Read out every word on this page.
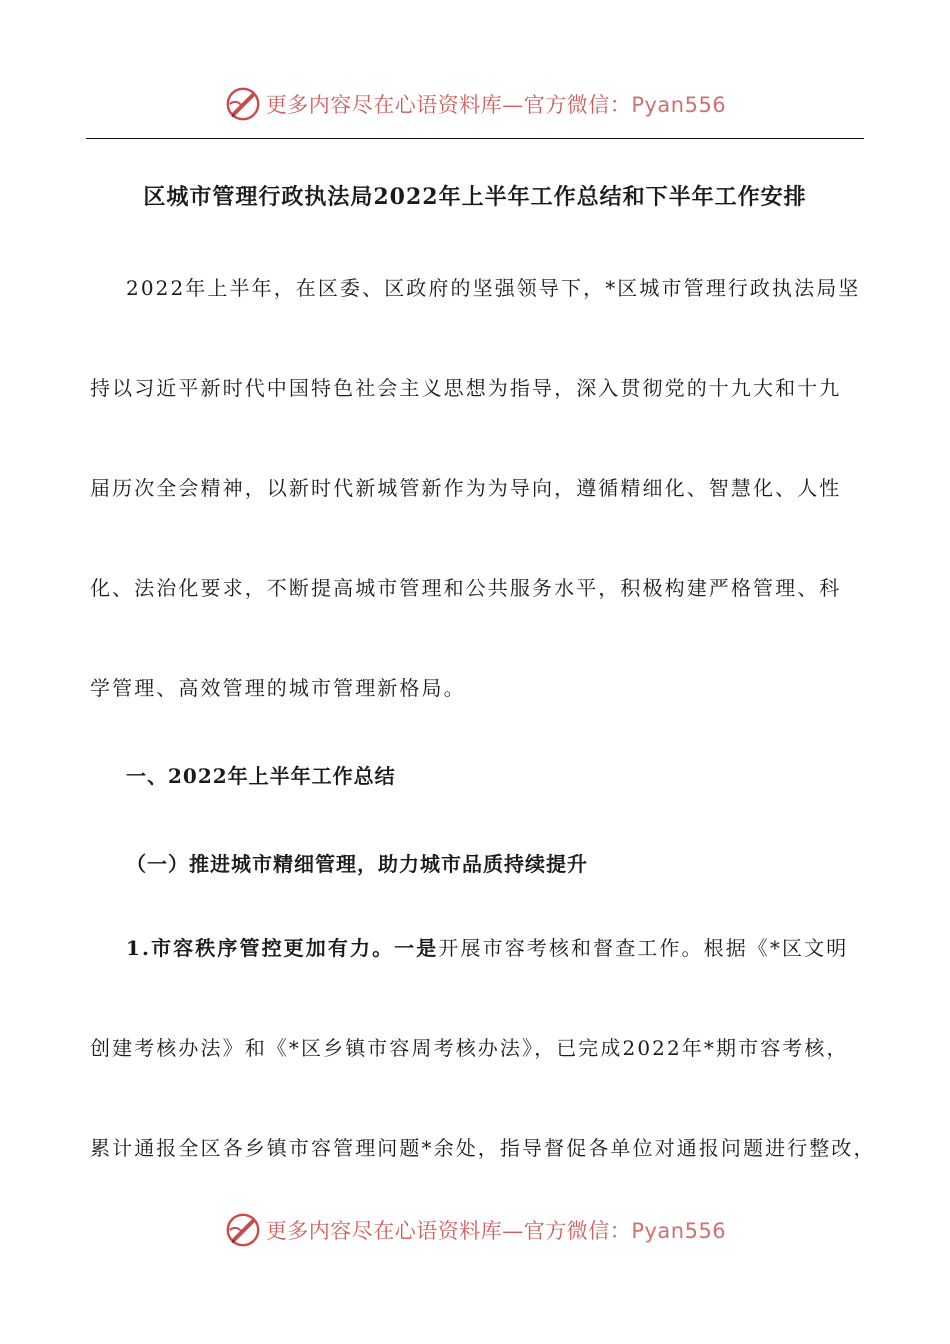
更多内容尽在心语资料库—官方微信：Pyan556
区城市管理行政执法局2022年上半年工作总结和下半年工作安排
2022年上半年，在区委、区政府的坚强领导下，*区城市管理行政执法局坚
持以习近平新时代中国特色社会主义思想为指导，深入贯彻党的十九大和十九
届历次全会精神，以新时代新城管新作为为导向，遵循精细化、智慧化、人性
化、法治化要求，不断提高城市管理和公共服务水平，积极构建严格管理、科
学管理、高效管理的城市管理新格局。
一、2022年上半年工作总结
（一）推进城市精细管理，助力城市品质持续提升
1.市容秩序管控更加有力。一是开展市容考核和督查工作。根据《*区文明
创建考核办法》和《*区乡镇市容周考核办法》，已完成2022年*期市容考核，
累计通报全区各乡镇市容管理问题*余处，指导督促各单位对通报问题进行整改，
更多内容尽在心语资料库—官方微信：Pyan556
